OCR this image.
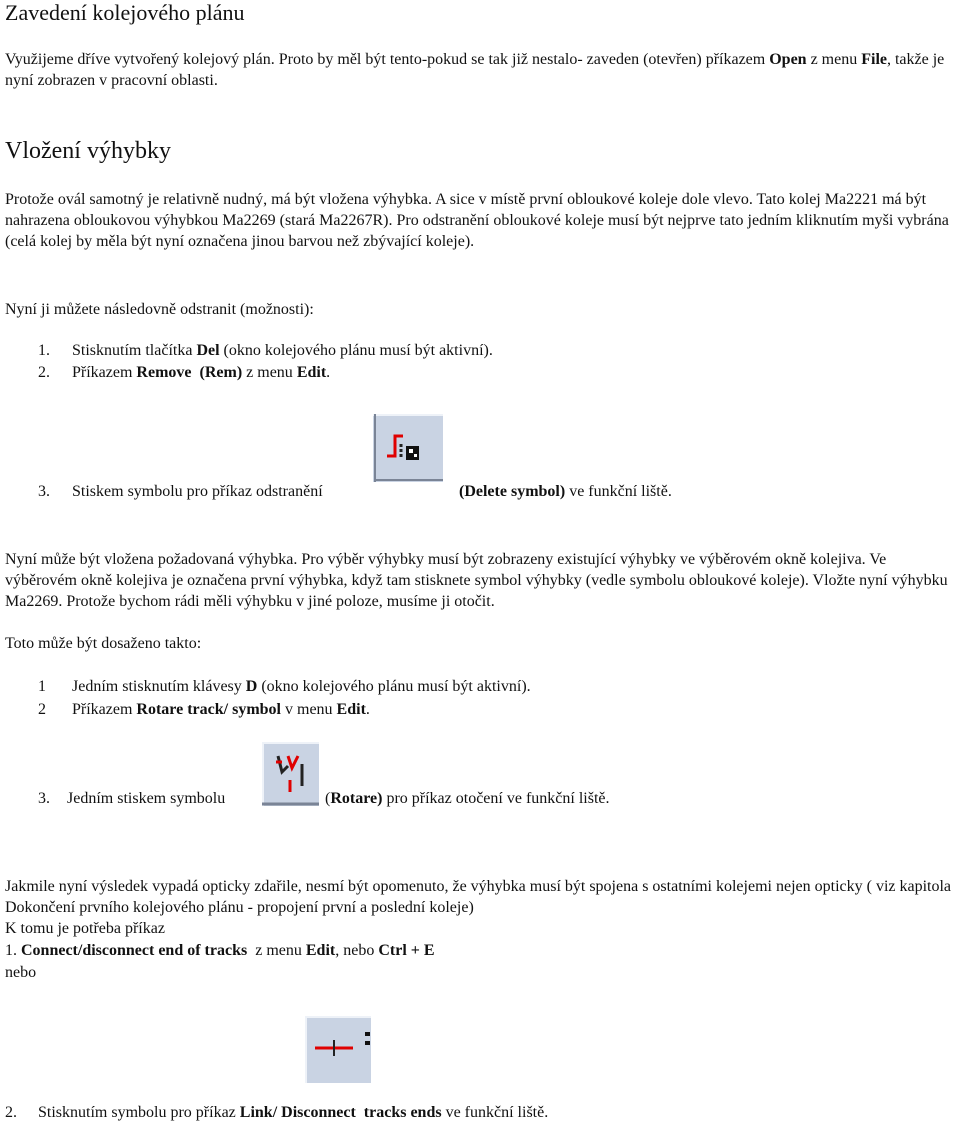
Zavedení kolejového plánu

Využijeme dříve vytvořený kolejový plán. Proto by měl být tento-pokud se tak již nestalo- zaveden (otevřen) příkazem Open z menu File, takže je nyní zobrazen v pracovní oblasti.

Vložení výhybky

Protože ovál samotný je relativně nudný, má být vložena výhybka. A sice v místě první obloukové koleje dole vlevo. Tato kolej Ma2221 má být nahrazena obloukovou výhybkou Ma2269 (stará Ma2267R). Pro odstranění obloukové koleje musí být nejprve tato jedním kliknutím myši vybrána (celá kolej by měla být nyní označena jinou barvou než zbývající koleje).

Nyní ji můžete následovně odstranit (možnosti):
1. Stisknutím tlačítka Del (okno kolejového plánu musí být aktivní).
2. Příkazem Remove (Rem) z menu Edit.
3. Stiskem symbolu pro příkaz odstranění	(Delete symbol) ve funkční liště.

Nyní může být vložena požadovaná výhybka. Pro výběr výhybky musí být zobrazeny existující výhybky ve výběrovém okně kolejiva. Ve výběrovém okně kolejiva je označena první výhybka, když tam stisknete symbol výhybky (vedle symbolu obloukové koleje). Vložte nyní výhybku Ma2269. Protože bychom rádi měli výhybku v jiné poloze, musíme ji otočit.

Toto může být dosaženo takto:
1 Jedním stisknutím klávesy D (okno kolejového plánu musí být aktivní).
2 Příkazem Rotare track/ symbol v menu Edit.
3. Jedním stiskem symbolu	(Rotare) pro příkaz otočení ve funkční liště.

Jakmile nyní výsledek vypadá opticky zdařile, nesmí být opomenuto, že výhybka musí být spojena s ostatními kolejemi nejen opticky ( viz kapitola Dokončení prvního kolejového plánu - propojení první a poslední koleje)

K tomu je potřeba příkaz
1. Connect/disconnect end of tracks  z menu Edit, nebo Ctrl + E
nebo
2. Stisknutím symbolu pro příkaz Link/ Disconnect tracks ends ve funkční liště.
